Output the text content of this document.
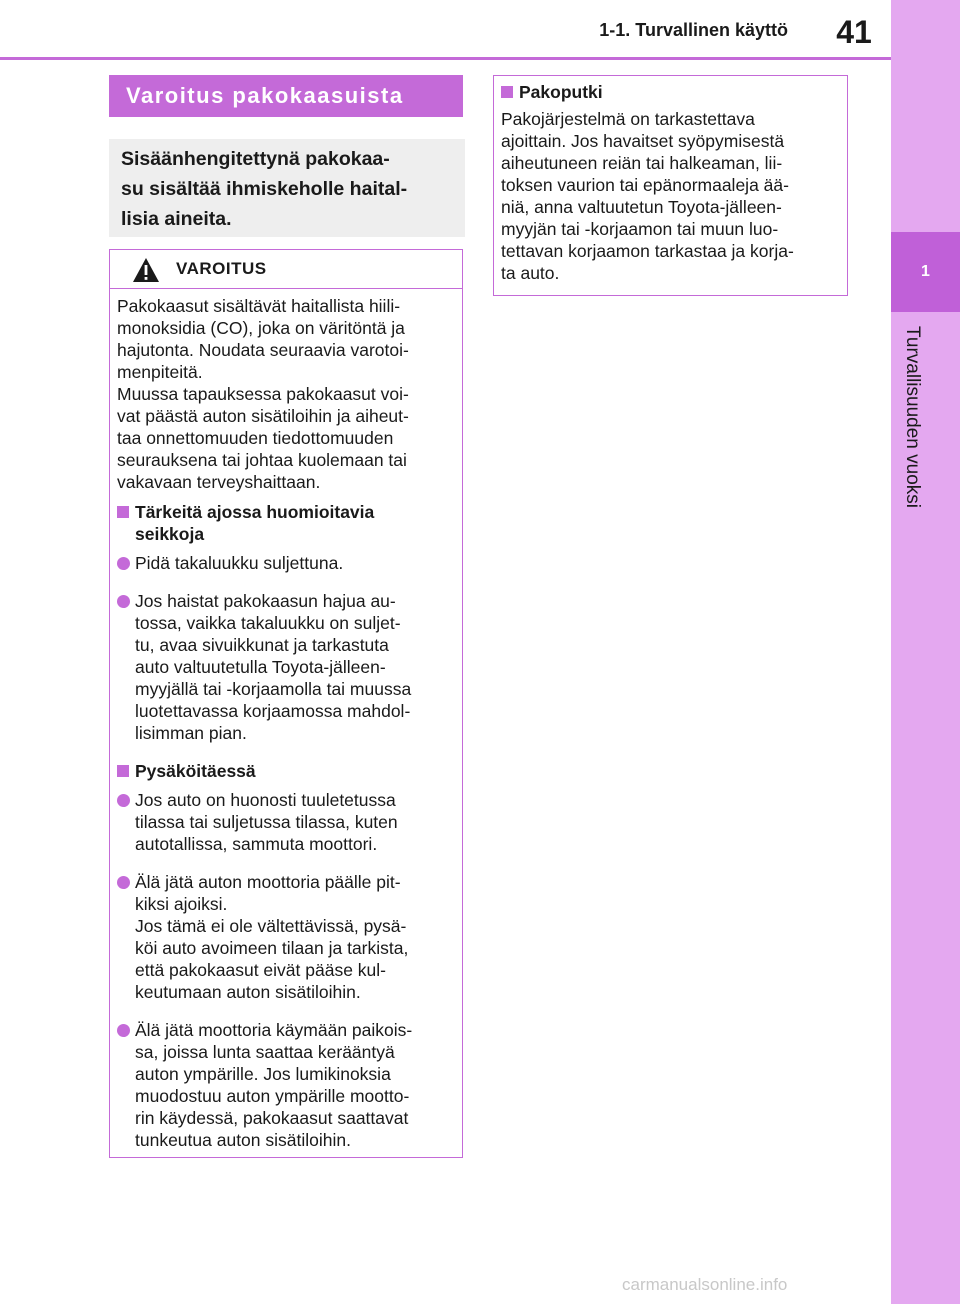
1-1. Turvallinen käyttö	41
1
Turvallisuuden vuoksi
Varoitus pakokaasuista
Sisäänhengitettynä pakokaa-
su sisältää ihmiskeholle haital-
lisia aineita.
VAROITUS

Pakokaasut sisältävät haitallista hiili-
monoksidia (CO), joka on väritöntä ja
hajutonta. Noudata seuraavia varotoi-
menpiteitä.

Muussa tapauksessa pakokaasut voi-
vat päästä auton sisätiloihin ja aiheut-
taa onnettomuuden tiedottomuuden
seurauksena tai johtaa kuolemaan tai
vakavaan terveyshaittaan.

Tärkeitä ajossa huomioitavia
seikkoja
Pidä takaluukku suljettuna.
Jos haistat pakokaasun hajua au-
tossa, vaikka takaluukku on suljet-
tu, avaa sivuikkunat ja tarkastuta
auto valtuutetulla Toyota-jälleen-
myyjällä tai -korjaamolla tai muussa
luotettavassa korjaamossa mahdol-
lisimman pian.
Pysäköitäessä
Jos auto on huonosti tuuletetussa
tilassa tai suljetussa tilassa, kuten
autotallissa, sammuta moottori.
Älä jätä auton moottoria päälle pit-
kiksi ajoiksi.
Jos tämä ei ole vältettävissä, pysä-
köi auto avoimeen tilaan ja tarkista,
että pakokaasut eivät pääse kul-
keutumaan auton sisätiloihin.
Älä jätä moottoria käymään paikois-
sa, joissa lunta saattaa kerääntyä
auton ympärille. Jos lumikinoksia
muodostuu auton ympärille mootto-
rin käydessä, pakokaasut saattavat
tunkeutua auton sisätiloihin.
Pakoputki
Pakojärjestelmä on tarkastettava
ajoittain. Jos havaitset syöpymisestä
aiheutuneen reiän tai halkeaman, lii-
toksen vaurion tai epänormaaleja ää-
niä, anna valtuutetun Toyota-jälleen-
myyjän tai -korjaamon tai muun luo-
tettavan korjaamon tarkastaa ja korja-
ta auto.
carmanualsonline.info
